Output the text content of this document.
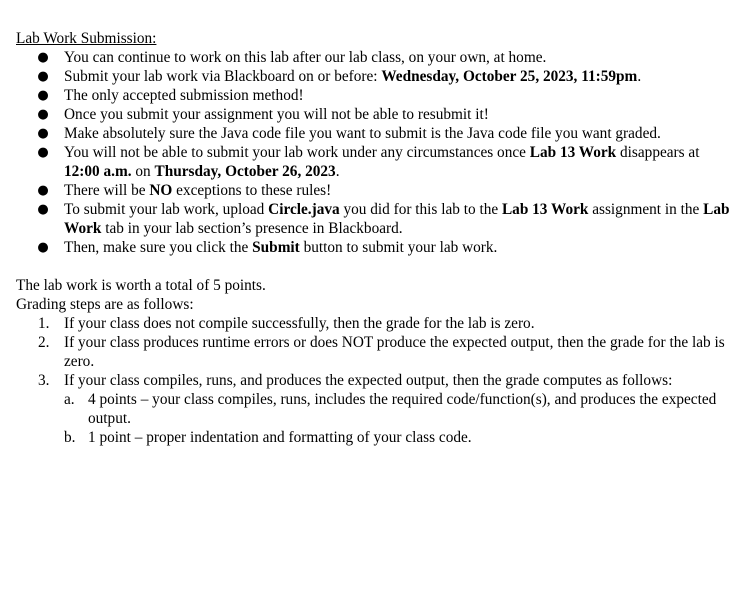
Lab Work Submission:

● You can continue to work on this lab after our lab class, on your own, at home.
● Submit your lab work via Blackboard on or before: Wednesday, October 25, 2023, 11:59pm.
● The only accepted submission method!
● Once you submit your assignment you will not be able to resubmit it!
● Make absolutely sure the Java code file you want to submit is the Java code file you want graded.
● You will not be able to submit your lab work under any circumstances once Lab 13 Work disappears at 12:00 a.m. on Thursday, October 26, 2023.
● There will be NO exceptions to these rules!
● To submit your lab work, upload Circle.java you did for this lab to the Lab 13 Work assignment in the Lab Work tab in your lab section’s presence in Blackboard.
● Then, make sure you click the Submit button to submit your lab work.

The lab work is worth a total of 5 points.

Grading steps are as follows:

1. If your class does not compile successfully, then the grade for the lab is zero.
2. If your class produces runtime errors or does NOT produce the expected output, then the grade for the lab is zero.
3. If your class compiles, runs, and produces the expected output, then the grade computes as follows:
a. 4 points – your class compiles, runs, includes the required code/function(s), and produces the expected output.
b. 1 point – proper indentation and formatting of your class code.
